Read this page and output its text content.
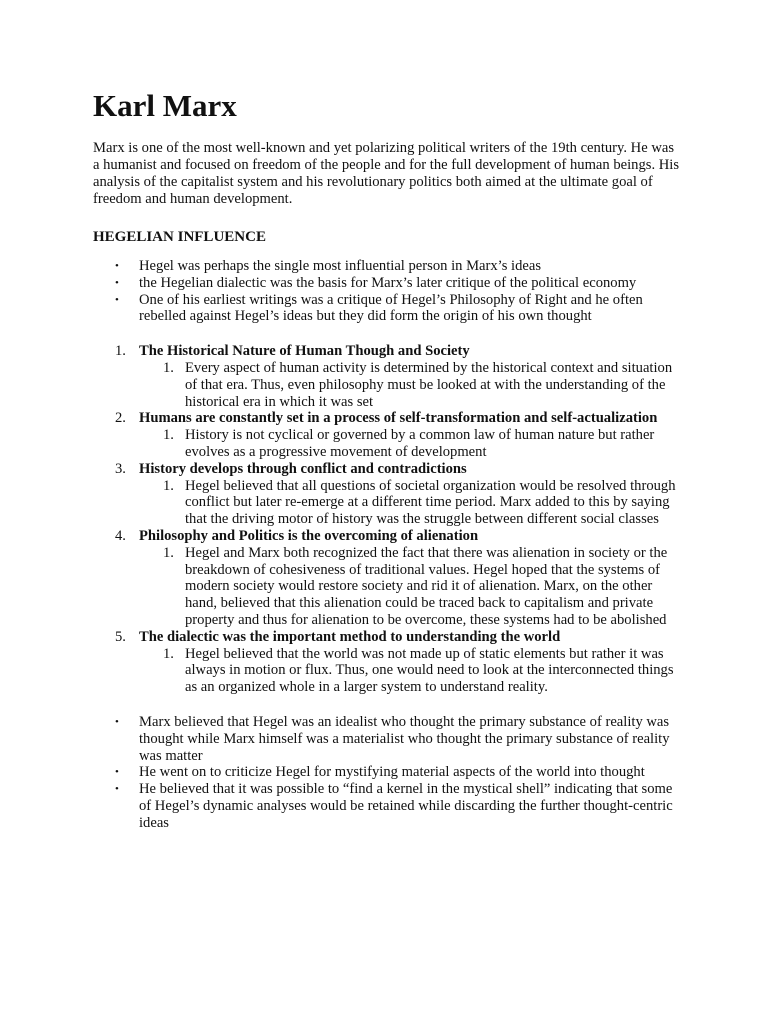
Karl Marx

Marx is one of the most well-known and yet polarizing political writers of the 19th century. He was a humanist and focused on freedom of the people and for the full development of human beings. His analysis of the capitalist system and his revolutionary politics both aimed at the ultimate goal of freedom and human development.

HEGELIAN INFLUENCE
• Hegel was perhaps the single most influential person in Marx’s ideas
• the Hegelian dialectic was the basis for Marx’s later critique of the political economy
• One of his earliest writings was a critique of Hegel’s Philosophy of Right and he often rebelled against Hegel’s ideas but they did form the origin of his own thought
1. The Historical Nature of Human Though and Society
1. Every aspect of human activity is determined by the historical context and situation of that era. Thus, even philosophy must be looked at with the understanding of the historical era in which it was set
2. Humans are constantly set in a process of self-transformation and self-actualization
1. History is not cyclical or governed by a common law of human nature but rather evolves as a progressive movement of development
3. History develops through conflict and contradictions
1. Hegel believed that all questions of societal organization would be resolved through conflict but later re-emerge at a different time period. Marx added to this by saying that the driving motor of history was the struggle between different social classes
4. Philosophy and Politics is the overcoming of alienation
1. Hegel and Marx both recognized the fact that there was alienation in society or the breakdown of cohesiveness of traditional values. Hegel hoped that the systems of modern society would restore society and rid it of alienation. Marx, on the other hand, believed that this alienation could be traced back to capitalism and private property and thus for alienation to be overcome, these systems had to be abolished
5. The dialectic was the important method to understanding the world
1. Hegel believed that the world was not made up of static elements but rather it was always in motion or flux. Thus, one would need to look at the interconnected things as an organized whole in a larger system to understand reality.
• Marx believed that Hegel was an idealist who thought the primary substance of reality was thought while Marx himself was a materialist who thought the primary substance of reality was matter
• He went on to criticize Hegel for mystifying material aspects of the world into thought
• He believed that it was possible to “find a kernel in the mystical shell” indicating that some of Hegel’s dynamic analyses would be retained while discarding the further thought-centric ideas
